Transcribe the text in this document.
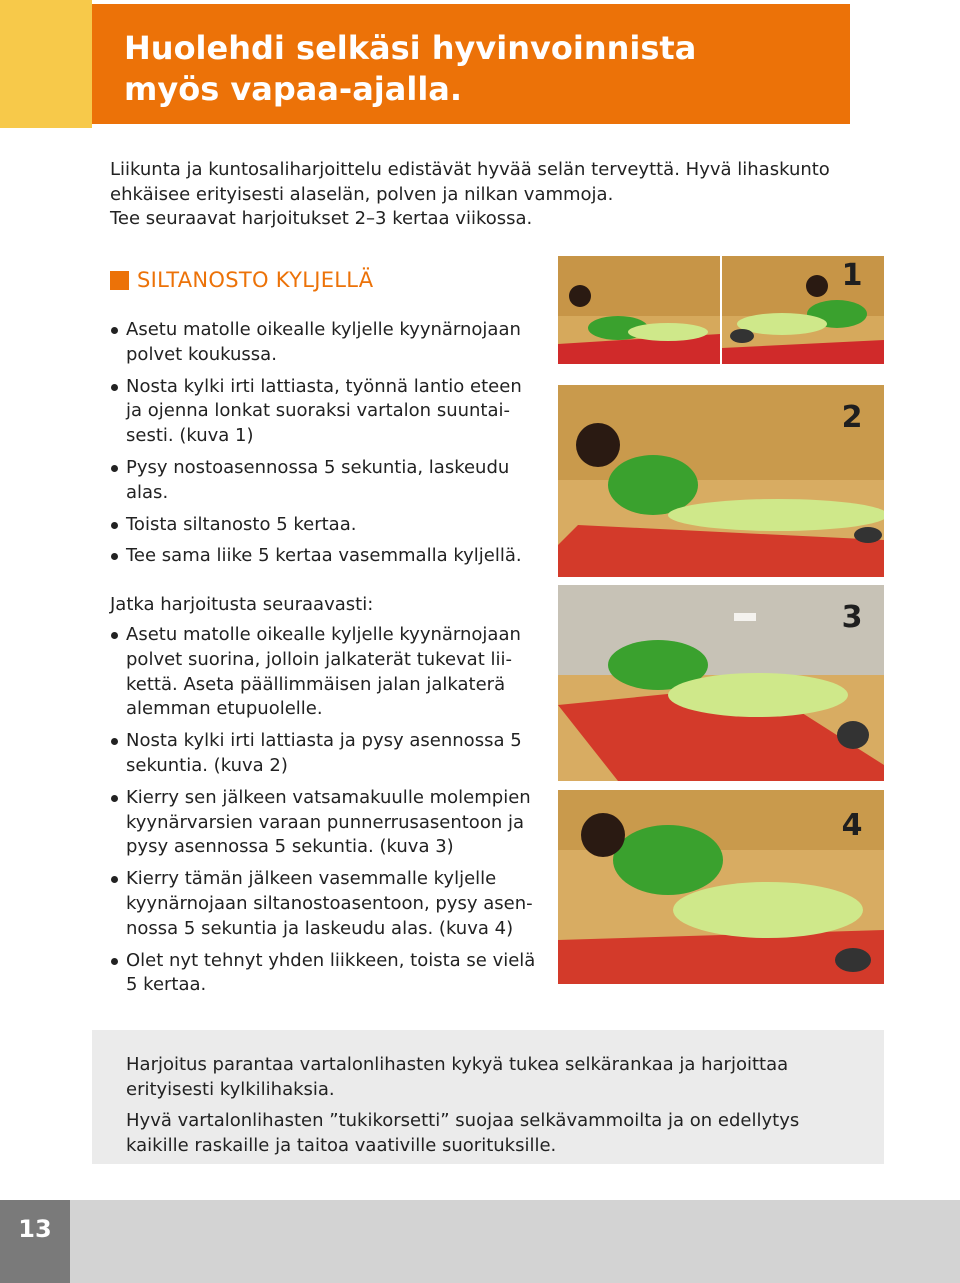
Huolehdi selkäsi hyvinvoinnista
myös vapaa-ajalla.

Liikunta ja kuntosaliharjoittelu edistävät hyvää selän terveyttä. Hyvä lihaskunto
ehkäisee erityisesti alaselän, polven ja nilkan vammoja.
Tee seuraavat harjoitukset 2–3 kertaa viikossa.

SILTANOSTO KYLJELLÄ
Asetu matolle oikealle kyljelle kyynärnojaan polvet koukussa.
Nosta kylki irti lattiasta, työnnä lantio eteen ja ojenna lonkat suoraksi vartalon suuntai-sesti. (kuva 1)
Pysy nostoasennossa 5 sekuntia, laskeudu alas.
Toista siltanosto 5 kertaa.
Tee sama liike 5 kertaa vasemmalla kyljellä.

Jatka harjoitusta seuraavasti:

Asetu matolle oikealle kyljelle kyynärnojaan polvet suorina, jolloin jalkaterät tukevat lii-kettä. Aseta päällimmäisen jalan jalkaterä alemman etupuolelle.
Nosta kylki irti lattiasta ja pysy asennossa 5 sekuntia. (kuva 2)
Kierry sen jälkeen vatsamakuulle molempien kyynärvarsien varaan punnerrusasentoon ja pysy asennossa 5 sekuntia. (kuva 3)
Kierry tämän jälkeen vasemmalle kyljelle kyynärnojaan siltanostoasentoon, pysy asen-nossa 5 sekuntia ja laskeudu alas. (kuva 4)
Olet nyt tehnyt yhden liikkeen, toista se vielä 5 kertaa.
1
2
3
4

Harjoitus parantaa vartalonlihasten kykyä tukea selkärankaa ja harjoittaa
erityisesti kylkilihaksia.

Hyvä vartalonlihasten ”tukikorsetti” suojaa selkävammoilta ja on edellytys
kaikille raskaille ja taitoa vaativille suorituksille.

13
